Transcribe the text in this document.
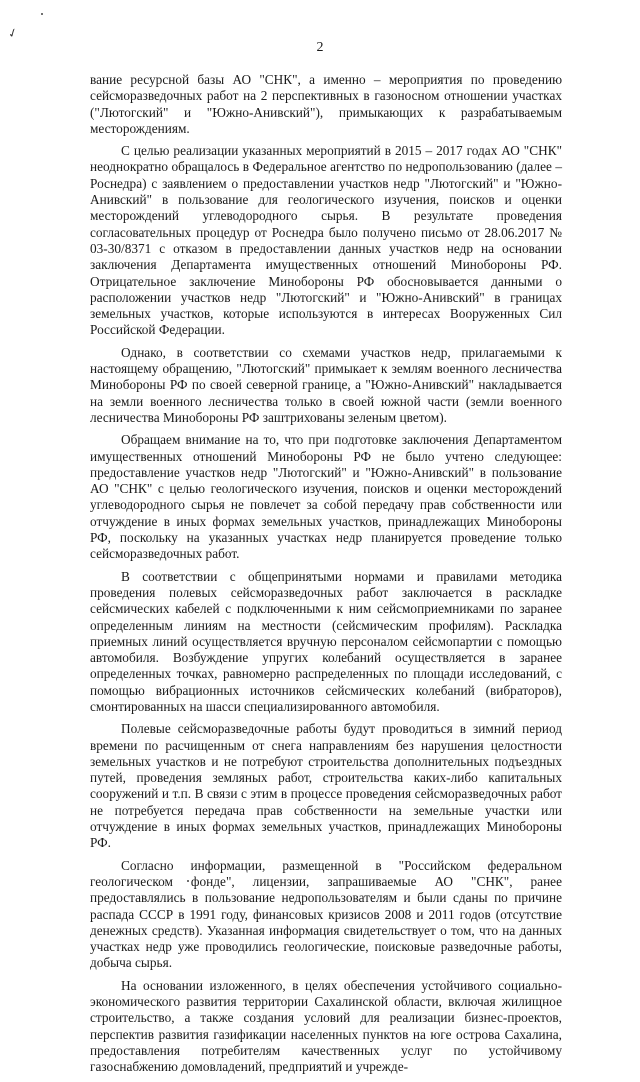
✓
2

вание ресурсной базы АО "СНК", а именно – мероприятия по проведению сейсморазведочных работ на 2 перспективных в газоносном отношении участках ("Лютогский" и "Южно-Анивский"), примыкающих к разрабатываемым месторождениям.

С целью реализации указанных мероприятий в 2015 – 2017 годах АО "СНК" неоднократно обращалось в Федеральное агентство по недропользованию (далее – Роснедра) с заявлением о предоставлении участков недр "Лютогский" и "Южно-Анивский" в пользование для геологического изучения, поисков и оценки месторождений углеводородного сырья. В результате проведения согласовательных процедур от Роснедра было получено письмо от 28.06.2017 № 03-30/8371 с отказом в предоставлении данных участков недр на основании заключения Департамента имущественных отношений Минобороны РФ. Отрицательное заключение Минобороны РФ обосновывается данными о расположении участков недр "Лютогский" и "Южно-Анивский" в границах земельных участков, которые используются в интересах Вооруженных Сил Российской Федерации.

Однако, в соответствии со схемами участков недр, прилагаемыми к настоящему обращению, "Лютогский" примыкает к землям военного лесничества Минобороны РФ по своей северной границе, а "Южно-Анивский" накладывается на земли военного лесничества только в своей южной части (земли военного лесничества Минобороны РФ заштрихованы зеленым цветом).

Обращаем внимание на то, что при подготовке заключения Департаментом имущественных отношений Минобороны РФ не было учтено следующее: предоставление участков недр "Лютогский" и "Южно-Анивский" в пользование АО "СНК" с целью геологического изучения, поисков и оценки месторождений углеводородного сырья не повлечет за собой передачу прав собственности или отчуждение в иных формах земельных участков, принадлежащих Минобороны РФ, поскольку на указанных участках недр планируется проведение только сейсморазведочных работ.

В соответствии с общепринятыми нормами и правилами методика проведения полевых сейсморазведочных работ заключается в раскладке сейсмических кабелей с подключенными к ним сейсмоприемниками по заранее определенным линиям на местности (сейсмическим профилям). Раскладка приемных линий осуществляется вручную персоналом сейсмопартии с помощью автомобиля. Возбуждение упругих колебаний осуществляется в заранее определенных точках, равномерно распределенных по площади исследований, с помощью вибрационных источников сейсмических колебаний (вибраторов), смонтированных на шасси специализированного автомобиля.

Полевые сейсморазведочные работы будут проводиться в зимний период времени по расчищенным от снега направлениям без нарушения целостности земельных участков и не потребуют строительства дополнительных подъездных путей, проведения земляных работ, строительства каких-либо капитальных сооружений и т.п. В связи с этим в процессе проведения сейсморазведочных работ не потребуется передача прав собственности на земельные участки или отчуждение в иных формах земельных участков, принадлежащих Минобороны РФ.

Согласно информации, размещенной в "Российском федеральном геологическом фонде", лицензии, запрашиваемые АО "СНК", ранее предоставлялись в пользование недропользователям и были сданы по причине распада СССР в 1991 году, финансовых кризисов 2008 и 2011 годов (отсутствие денежных средств). Указанная информация свидетельствует о том, что на данных участках недр уже проводились геологические, поисковые разведочные работы, добыча сырья.

На основании изложенного, в целях обеспечения устойчивого социально-экономического развития территории Сахалинской области, включая жилищное строительство, а также создания условий для реализации бизнес-проектов, перспектив развития газификации населенных пунктов на юге острова Сахалина, предоставления потребителям качественных услуг по устойчивому газоснабжению домовладений, предприятий и учрежде-
